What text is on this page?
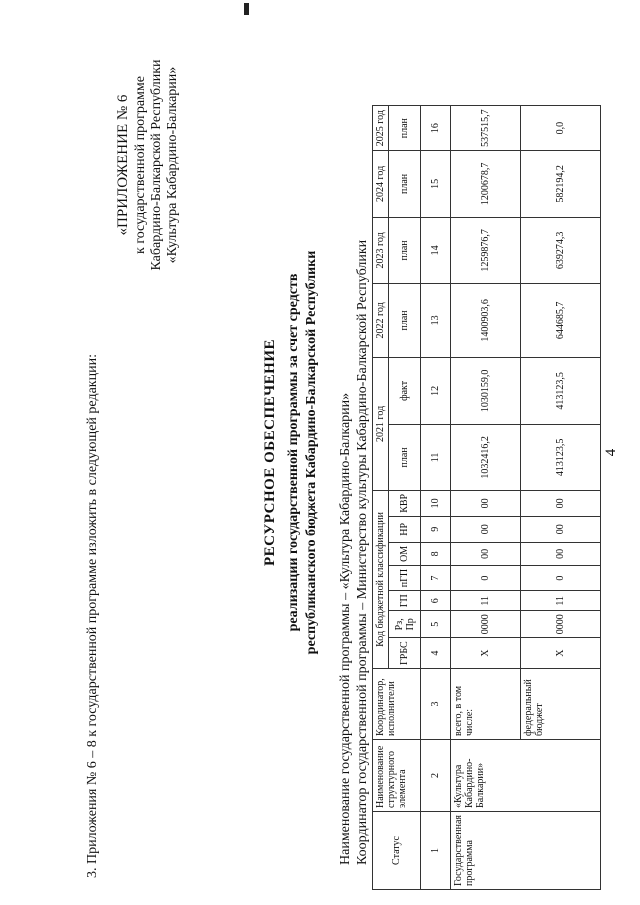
4
3. Приложения № 6 – 8 к государственной программе изложить в следующей редакции:
«ПРИЛОЖЕНИЕ № 6 к государственной программе Кабардино-Балкарской Республики «Культура Кабардино-Балкарии»
РЕСУРСНОЕ ОБЕСПЕЧЕНИЕ реализации государственной программы за счет средств республиканского бюджета Кабардино-Балкарской Республики Наименование государственной программы – «Культура Кабардино-Балкарии» Координатор государственной программы – Министерство культуры Кабардино-Балкарской Республики Статус	Наименование структурного элемента	Координатор, исполнители	Код бюджетной классификации							2021 год		2022 год	2023 год	2024 год	2025 год
			ГРБС	Рз, Пр	ГП	пГП	ОМ	НР	КВР	план	факт	план	план	план	план

1	2	3	4	5	6	7	8	9	10	11	12	13	14	15	16
Государственная программа	«Культура Кабардино-Балкарии»	всего, в том числе:	X	0000	11	0	00	00	00	1032416,2	1030159,0	1400903,6	1259876,7	1200678,7	537515,7
		федеральный бюджет	X	0000	11	0	00	00	00	413123,5	413123,5	644685,7	639274,3	582194,2	0,0
